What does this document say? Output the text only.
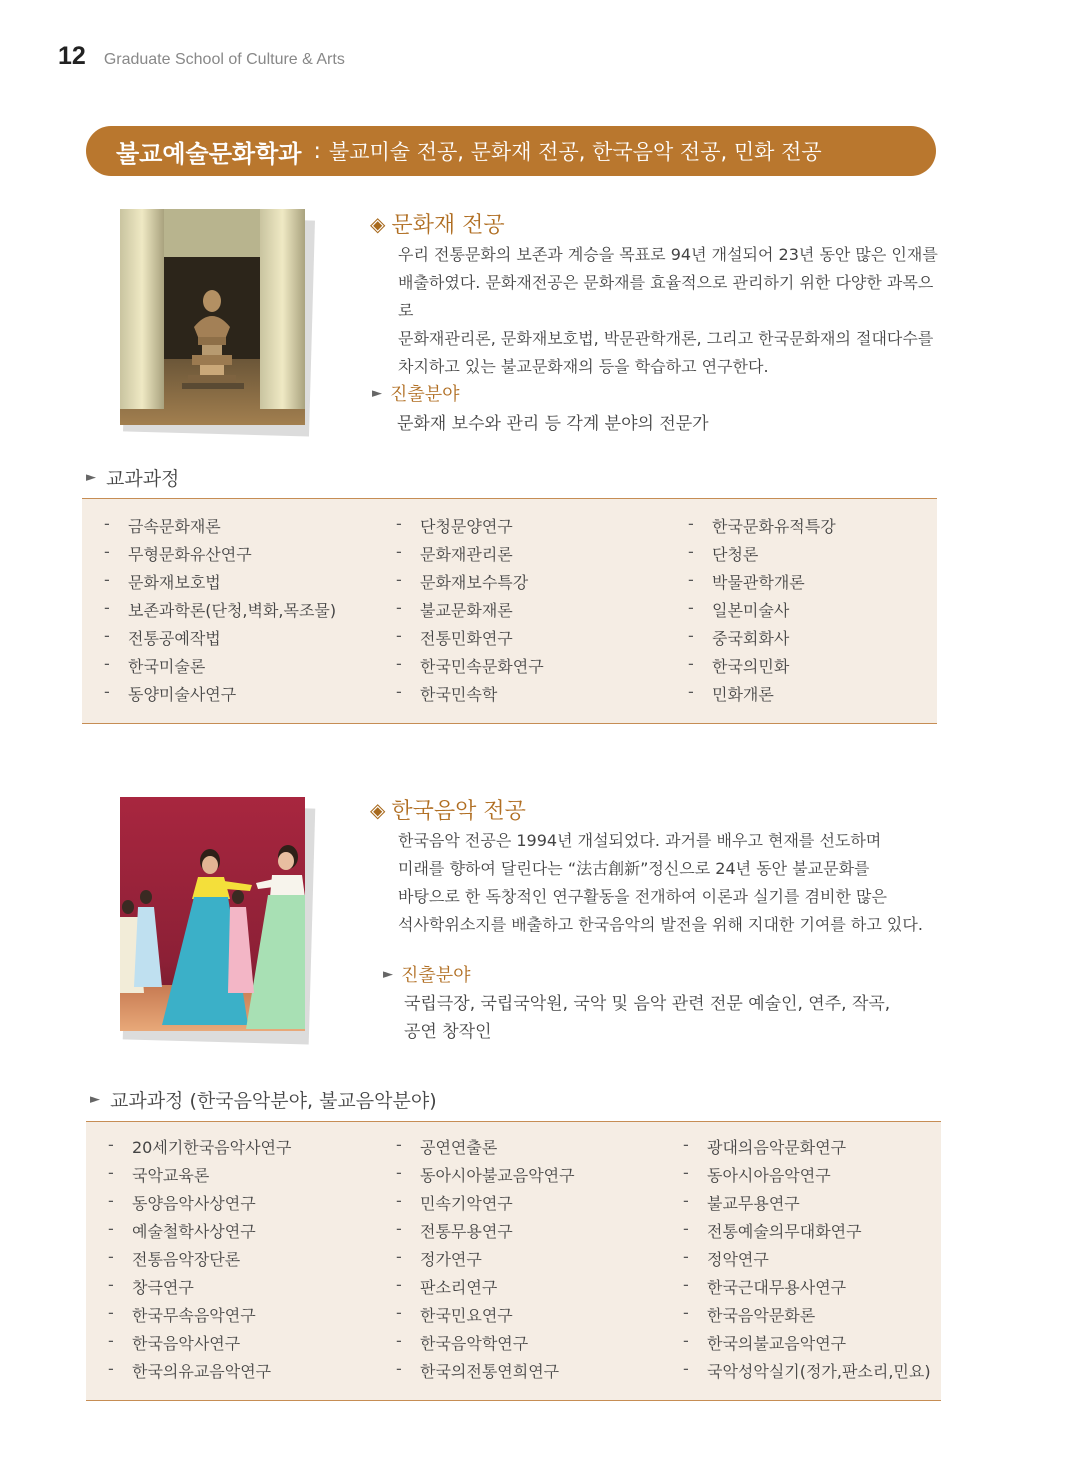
12 Graduate School of Culture & Arts
불교예술문화학과 : 불교미술 전공, 문화재 전공, 한국음악 전공, 민화 전공
◈ 문화재 전공
우리 전통문화의 보존과 계승을 목표로 94년 개설되어 23년 동안 많은 인재를
배출하였다. 문화재전공은 문화재를 효율적으로 관리하기 위한 다양한 과목으로
문화재관리론, 문화재보호법, 박문관학개론, 그리고 한국문화재의 절대다수를
차지하고 있는 불교문화재의 등을 학습하고 연구한다.
► 진출분야
문화재 보수와 관리 등 각계 분야의 전문가
► 교과과정
-	금속문화재론
-	무형문화유산연구
-	문화재보호법
-	보존과학론(단청,벽화,목조물)
-	전통공예작법
-	한국미술론
-	동양미술사연구
-	단청문양연구
-	문화재관리론
-	문화재보수특강
-	불교문화재론
-	전통민화연구
-	한국민속문화연구
-	한국민속학
-	한국문화유적특강
-	단청론
-	박물관학개론
-	일본미술사
-	중국회화사
-	한국의민화
-	민화개론
◈ 한국음악 전공
한국음악 전공은 1994년 개설되었다. 과거를 배우고 현재를 선도하며
미래를 향하여 달린다는 “法古創新”정신으로 24년 동안 불교문화를
바탕으로 한 독창적인 연구활동을 전개하여 이론과 실기를 겸비한 많은
석사학위소지를 배출하고 한국음악의 발전을 위해 지대한 기여를 하고 있다.
► 진출분야
국립극장, 국립국악원, 국악 및 음악 관련 전문 예술인, 연주, 작곡,
공연 창작인
► 교과과정 (한국음악분야, 불교음악분야)
-	20세기한국음악사연구
-	국악교육론
-	동양음악사상연구
-	예술철학사상연구
-	전통음악장단론
-	창극연구
-	한국무속음악연구
-	한국음악사연구
-	한국의유교음악연구
-	공연연출론
-	동아시아불교음악연구
-	민속기악연구
-	전통무용연구
-	정가연구
-	판소리연구
-	한국민요연구
-	한국음악학연구
-	한국의전통연희연구
-	광대의음악문화연구
-	동아시아음악연구
-	불교무용연구
-	전통예술의무대화연구
-	정악연구
-	한국근대무용사연구
-	한국음악문화론
-	한국의불교음악연구
-	국악성악실기(정가,판소리,민요)
